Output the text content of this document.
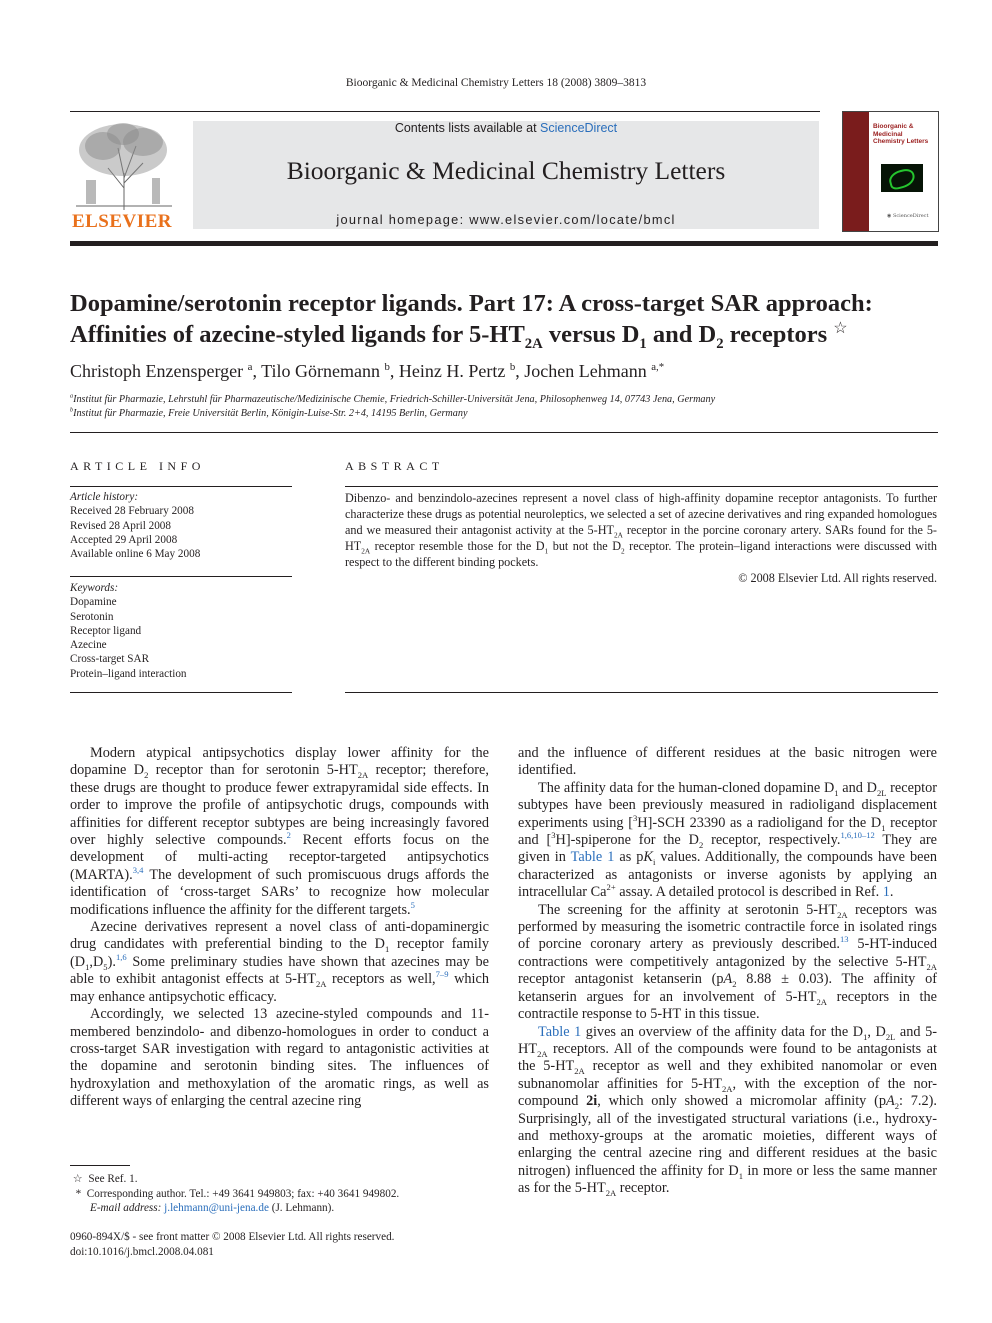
Bioorganic & Medicinal Chemistry Letters 18 (2008) 3809–3813
ELSEVIER
Contents lists available at ScienceDirect
Bioorganic & Medicinal Chemistry Letters
journal homepage: www.elsevier.com/locate/bmcl
Bioorganic & Medicinal Chemistry Letters
◉ ScienceDirect
Dopamine/serotonin receptor ligands. Part 17: A cross-target SAR approach:
Affinities of azecine-styled ligands for $5-HT_{2A}$ versus $D_1$ and $D_2$ receptors ☆
Christoph Enzensperger $^a$, Tilo Görnemann $^b$, Heinz H. Pertz $^b$, Jochen Lehmann $^{a,*}$
$^a$Institut für Pharmazie, Lehrstuhl für Pharmazeutische/Medizinische Chemie, Friedrich-Schiller-Universität Jena, Philosophenweg 14, 07743 Jena, Germany
$^b$Institut für Pharmazie, Freie Universität Berlin, Königin-Luise-Str. 2+4, 14195 Berlin, Germany
ARTICLE INFO
Article history:
Received 28 February 2008
Revised 28 April 2008
Accepted 29 April 2008
Available online 6 May 2008
Keywords:
Dopamine
Serotonin
Receptor ligand
Azecine
Cross-target SAR
Protein–ligand interaction
ABSTRACT
Dibenzo- and benzindolo-azecines represent a novel class of high-affinity dopamine receptor antagonists. To further characterize these drugs as potential neuroleptics, we selected a set of azecine derivatives and ring expanded homologues and we measured their antagonist activity at the $5-HT_{2A}$ receptor in the porcine coronary artery. SARs found for the $5-HT_{2A}$ receptor resemble those for the $D_1$ but not the $D_2$ receptor. The protein–ligand interactions were discussed with respect to the different binding pockets.
© 2008 Elsevier Ltd. All rights reserved.

Modern atypical antipsychotics display lower affinity for the dopamine $D_2$ receptor than for serotonin $5-HT_{2A}$ receptor; therefore, these drugs are thought to produce fewer extrapyramidal side effects. In order to improve the profile of antipsychotic drugs, compounds with affinities for different receptor subtypes are being increasingly favored over highly selective compounds.$^2$ Recent efforts focus on the development of multi-acting receptor-targeted antipsychotics (MARTA).$^{3,4}$ The development of such promiscuous drugs affords the identification of ‘cross-target SARs’ to recognize how molecular modifications influence the affinity for the different targets.$^5$

Azecine derivatives represent a novel class of anti-dopaminergic drug candidates with preferential binding to the $D_1$ receptor family $(D_1,D_5).^{1,6}$ Some preliminary studies have shown that azecines may be able to exhibit antagonist effects at $5-HT_{2A}$ receptors as well,$^{7-9}$ which may enhance antipsychotic efficacy.

Accordingly, we selected 13 azecine-styled compounds and 11-membered benzindolo- and dibenzo-homologues in order to conduct a cross-target SAR investigation with regard to antagonistic activities at the dopamine and serotonin binding sites. The influences of hydroxylation and methoxylation of the aromatic rings, as well as different ways of enlarging the central azecine ring

and the influence of different residues at the basic nitrogen were identified.

The affinity data for the human-cloned dopamine $D_1$ and $D_{2L}$ receptor subtypes have been previously measured in radioligand displacement experiments using [$^3$H]-SCH 23390 as a radioligand for the $D_1$ receptor and [$^3$H]-spiperone for the $D_2$ receptor, respectively.$^{1,6,10-12}$ They are given in Table 1 as $pK_i$ values. Additionally, the compounds have been characterized as antagonists or inverse agonists by applying an intracellular $Ca^{2+}$ assay. A detailed protocol is described in Ref. 1.

The screening for the affinity at serotonin $5-HT_{2A}$ receptors was performed by measuring the isometric contractile force in isolated rings of porcine coronary artery as previously described.$^{13}$ 5-HT-induced contractions were competitively antagonized by the selective $5-HT_{2A}$ receptor antagonist ketanserin ($pA_2$ 8.88 ± 0.03). The affinity of ketanserin argues for an involvement of $5-HT_{2A}$ receptors in the contractile response to 5-HT in this tissue.

Table 1 gives an overview of the affinity data for the $D_1$, $D_{2L}$ and $5-HT_{2A}$ receptors. All of the compounds were found to be antagonists at the $5-HT_{2A}$ receptor as well and they exhibited nanomolar or even subnanomolar affinities for $5-HT_{2A}$, with the exception of the nor-compound 2i, which only showed a micromolar affinity ($pA_2$: 7.2). Surprisingly, all of the investigated structural variations (i.e., hydroxy- and methoxy-groups at the aromatic moieties, different ways of enlarging the central azecine ring and different residues at the basic nitrogen) influenced the affinity for $D_1$ in more or less the same manner as for the $5-HT_{2A}$ receptor.

☆  See Ref. 1.
*  Corresponding author. Tel.: +49 3641 949803; fax: +40 3641 949802.
E-mail address: j.lehmann@uni-jena.de (J. Lehmann).
0960-894X/$ - see front matter © 2008 Elsevier Ltd. All rights reserved.
doi:10.1016/j.bmcl.2008.04.081
